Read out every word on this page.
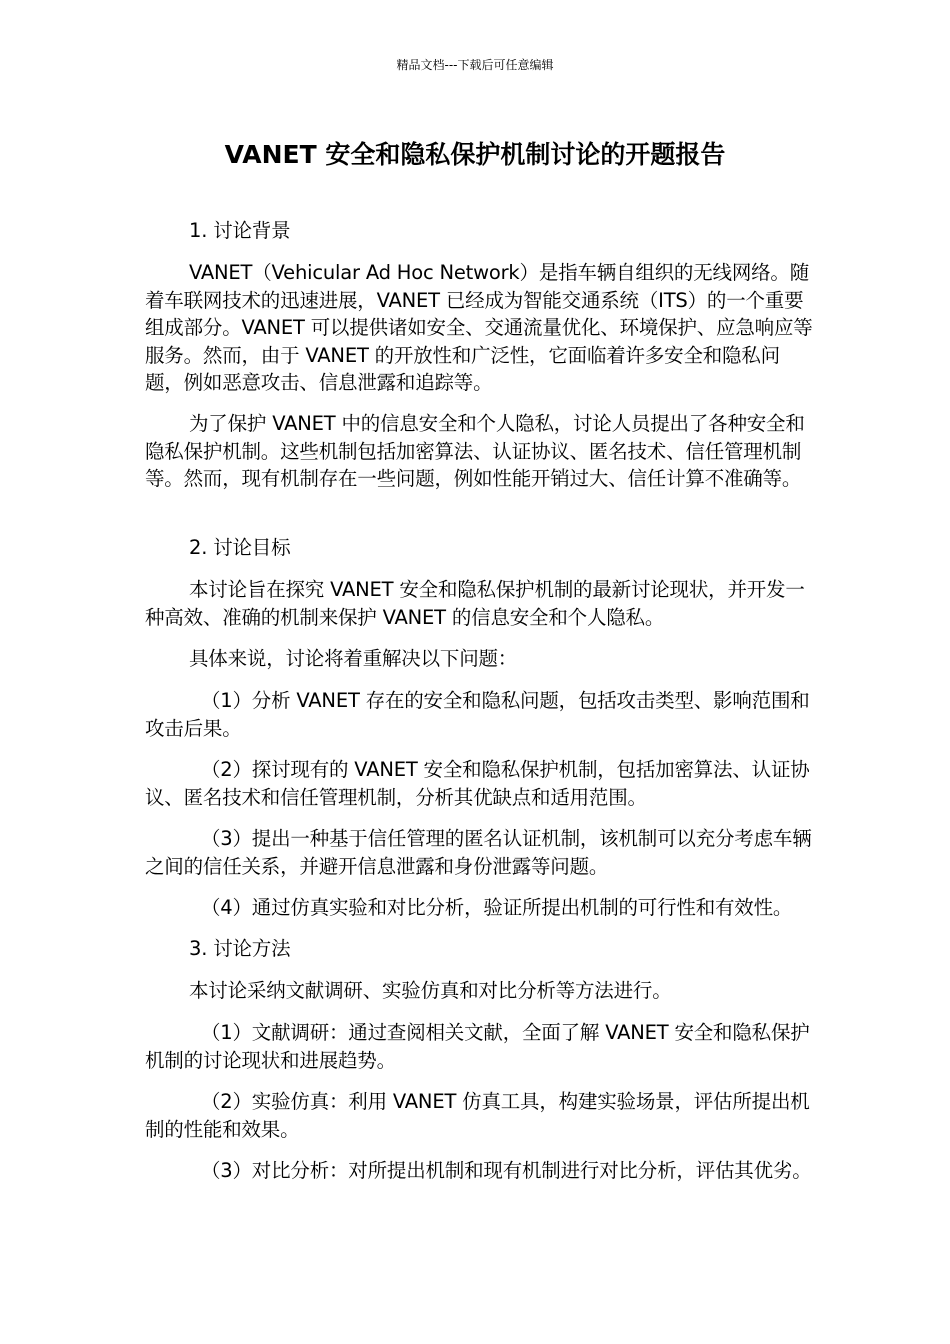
精品文档---下载后可任意编辑
VANET 安全和隐私保护机制讨论的开题报告
1. 讨论背景
VANET（Vehicular Ad Hoc Network）是指车辆自组织的无线网络。随着车联网技术的迅速进展，VANET 已经成为智能交通系统（ITS）的一个重要组成部分。VANET 可以提供诸如安全、交通流量优化、环境保护、应急响应等服务。然而，由于 VANET 的开放性和广泛性，它面临着许多安全和隐私问题，例如恶意攻击、信息泄露和追踪等。
为了保护 VANET 中的信息安全和个人隐私，讨论人员提出了各种安全和隐私保护机制。这些机制包括加密算法、认证协议、匿名技术、信任管理机制等。然而，现有机制存在一些问题，例如性能开销过大、信任计算不准确等。
2. 讨论目标
本讨论旨在探究 VANET 安全和隐私保护机制的最新讨论现状，并开发一种高效、准确的机制来保护 VANET 的信息安全和个人隐私。
具体来说，讨论将着重解决以下问题：
（1）分析 VANET 存在的安全和隐私问题，包括攻击类型、影响范围和攻击后果。
（2）探讨现有的 VANET 安全和隐私保护机制，包括加密算法、认证协议、匿名技术和信任管理机制，分析其优缺点和适用范围。
（3）提出一种基于信任管理的匿名认证机制，该机制可以充分考虑车辆之间的信任关系，并避开信息泄露和身份泄露等问题。
（4）通过仿真实验和对比分析，验证所提出机制的可行性和有效性。
3. 讨论方法
本讨论采纳文献调研、实验仿真和对比分析等方法进行。
（1）文献调研：通过查阅相关文献，全面了解 VANET 安全和隐私保护机制的讨论现状和进展趋势。
（2）实验仿真：利用 VANET 仿真工具，构建实验场景，评估所提出机制的性能和效果。
（3）对比分析：对所提出机制和现有机制进行对比分析，评估其优劣。
